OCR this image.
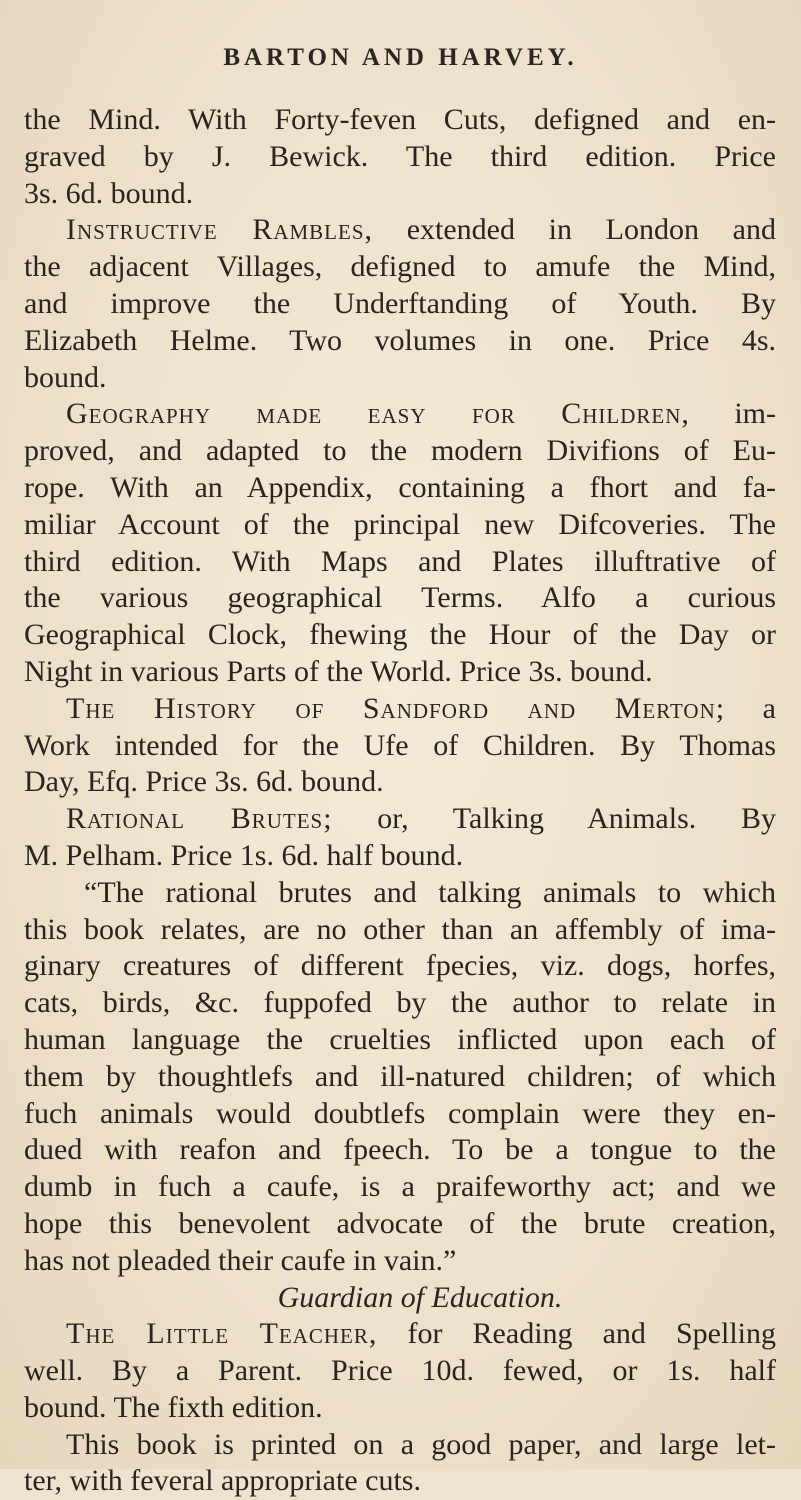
BARTON AND HARVEY.

the Mind. With Forty-feven Cuts, defigned and en-
graved by J. Bewick. The third edition. Price
3s. 6d. bound.

Instructive Rambles, extended in London and
the adjacent Villages, defigned to amufe the Mind,
and improve the Underftanding of Youth. By
Elizabeth Helme. Two volumes in one. Price 4s.
bound.

Geography made easy for Children, im-
proved, and adapted to the modern Divifions of Eu-
rope. With an Appendix, containing a fhort and fa-
miliar Account of the principal new Difcoveries. The
third edition. With Maps and Plates illuftrative of
the various geographical Terms. Alfo a curious
Geographical Clock, fhewing the Hour of the Day or
Night in various Parts of the World. Price 3s. bound.

The History of Sandford and Merton; a
Work intended for the Ufe of Children. By Thomas
Day, Efq. Price 3s. 6d. bound.

Rational Brutes; or, Talking Animals. By
M. Pelham. Price 1s. 6d. half bound.

“The rational brutes and talking animals to which
this book relates, are no other than an affembly of ima-
ginary creatures of different fpecies, viz. dogs, horfes,
cats, birds, &c. fuppofed by the author to relate in
human language the cruelties inflicted upon each of
them by thoughtlefs and ill-natured children; of which
fuch animals would doubtlefs complain were they en-
dued with reafon and fpeech. To be a tongue to the
dumb in fuch a caufe, is a praifeworthy act; and we
hope this benevolent advocate of the brute creation,
has not pleaded their caufe in vain.”
Guardian of Education.

The Little Teacher, for Reading and Spelling
well. By a Parent. Price 10d. fewed, or 1s. half
bound. The fixth edition.

This book is printed on a good paper, and large let-
ter, with feveral appropriate cuts.
